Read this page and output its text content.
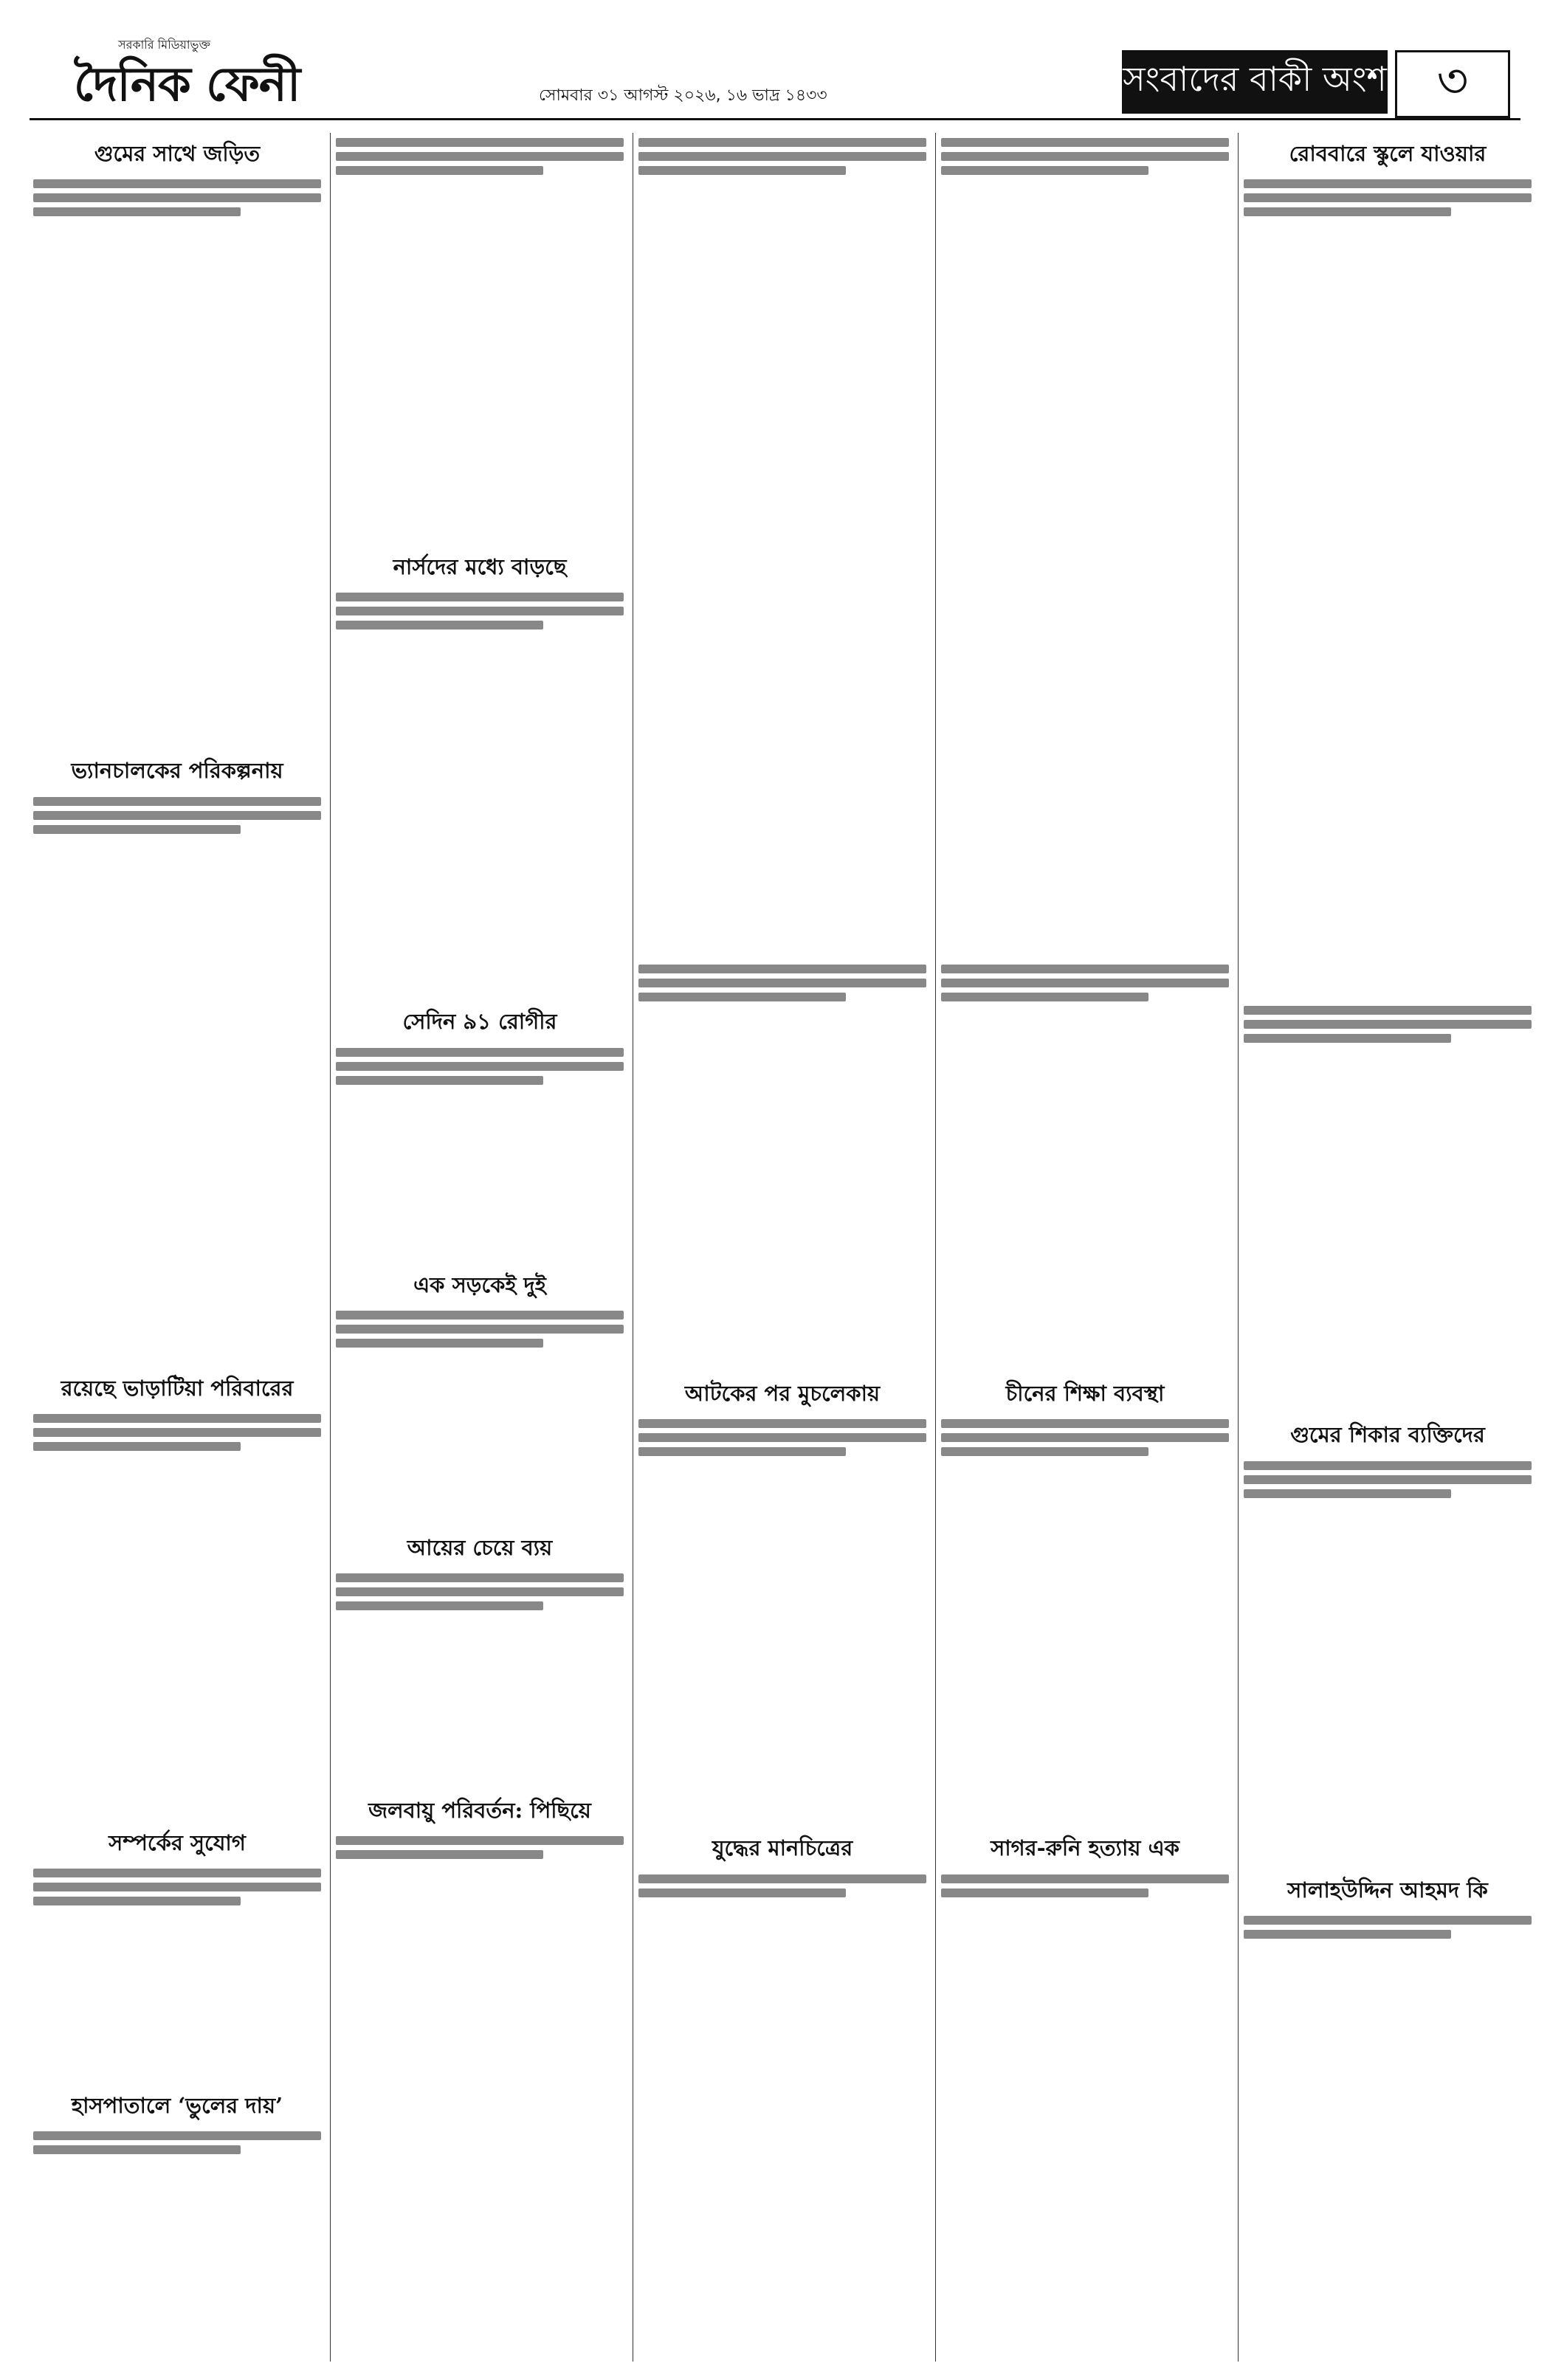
সরকারি মিডিয়াভুক্ত
দৈনিক ফেনী	সোমবার ৩১ আগস্ট ২০২৬, ১৬ ভাদ্র ১৪৩৩	সংবাদের বাকী অংশ	৩
গুমের সাথে জড়িত
ভ্যানচালকের পরিকল্পনায়
রয়েছে ভাড়াটিয়া পরিবারের
সম্পর্কের সুযোগ
হাসপাতালে ‘ভুলের দায়’
নার্সদের মধ্যে বাড়ছে
সেদিন ৯১ রোগীর
এক সড়কেই দুই
আয়ের চেয়ে ব্যয়
জলবায়ু পরিবর্তন: পিছিয়ে
আটকের পর মুচলেকায়
যুদ্ধের মানচিত্রের
চীনের শিক্ষা ব্যবস্থা
সাগর-রুনি হত্যায় এক
রোববারে স্কুলে যাওয়ার
গুমের শিকার ব্যক্তিদের
সালাহউদ্দিন আহমদ কি
